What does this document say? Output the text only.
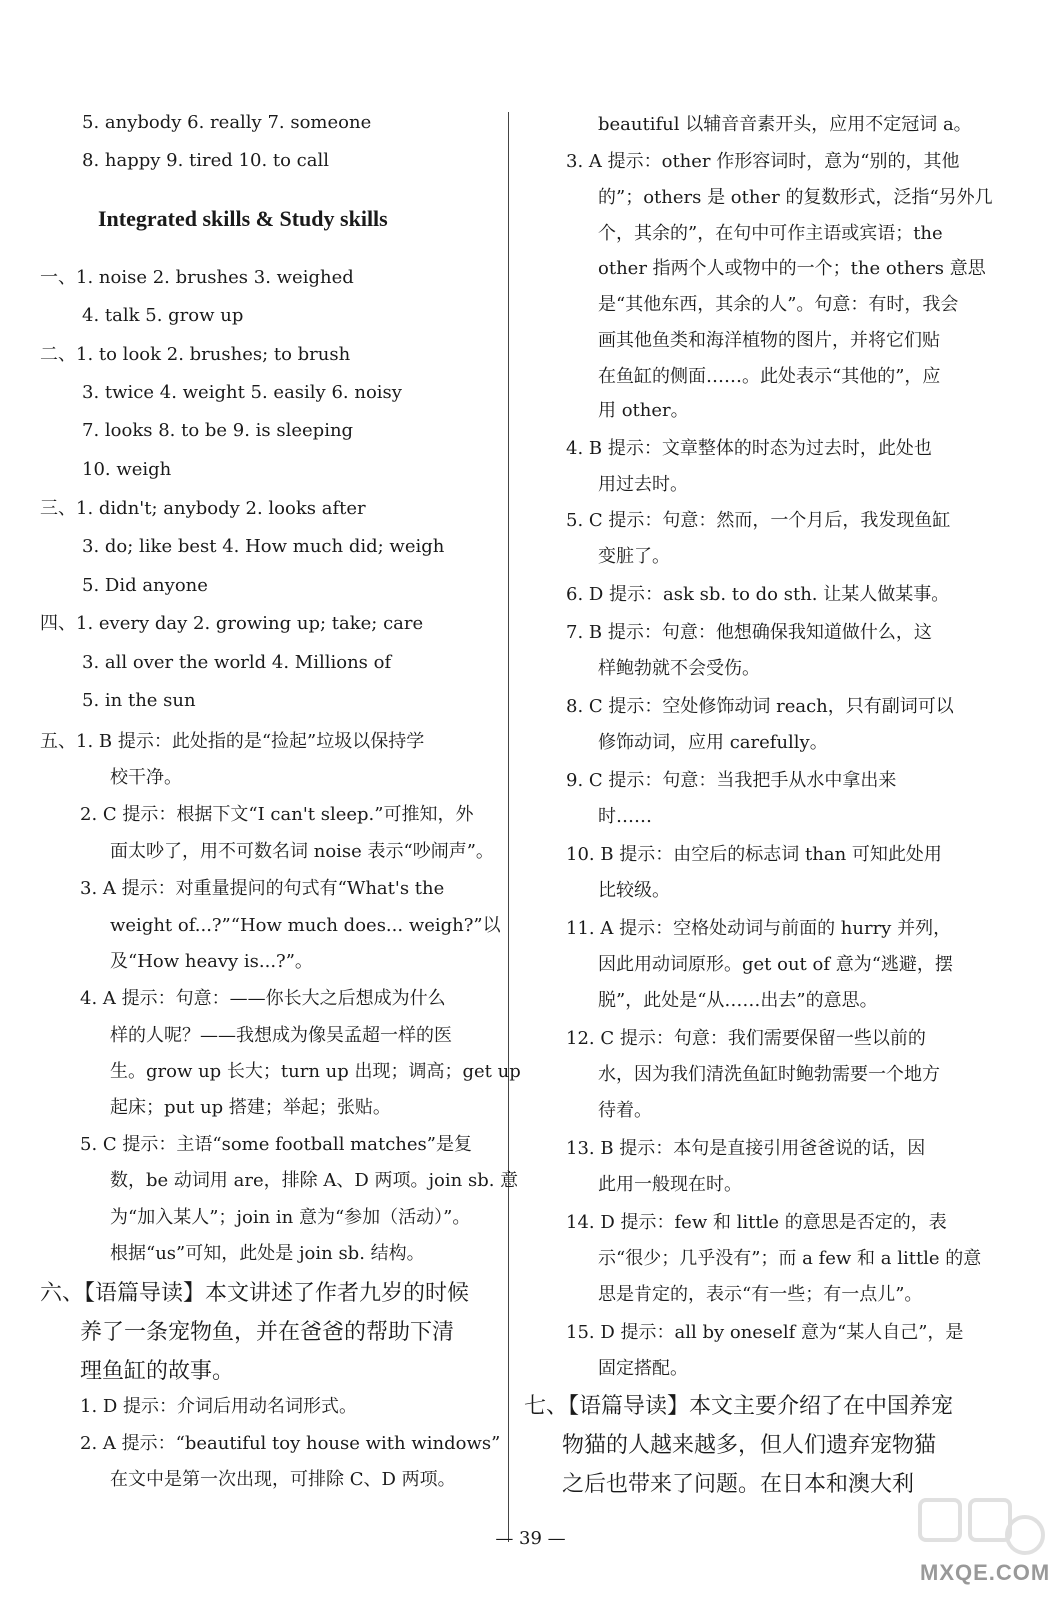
5. anybody 6. really 7. someone
8. happy 9. tired 10. to call
Integrated skills & Study skills
一、1. noise 2. brushes 3. weighed
4. talk 5. grow up
二、1. to look 2. brushes; to brush
3. twice 4. weight 5. easily 6. noisy
7. looks 8. to be 9. is sleeping
10. weigh
三、1. didn't; anybody 2. looks after
3. do; like best 4. How much did; weigh
5. Did anyone
四、1. every day 2. growing up; take; care
3. all over the world 4. Millions of
5. in the sun
五、1. B 提示：此处指的是“捡起”垃圾以保持学
校干净。
2. C 提示：根据下文“I can't sleep.”可推知，外
面太吵了，用不可数名词 noise 表示“吵闹声”。
3. A 提示：对重量提问的句式有“What's the
weight of...?”“How much does... weigh?”以
及“How heavy is...?”。
4. A 提示：句意：——你长大之后想成为什么
样的人呢？——我想成为像吴孟超一样的医
生。grow up 长大；turn up 出现；调高；get up
起床；put up 搭建；举起；张贴。
5. C 提示：主语“some football matches”是复
数，be 动词用 are，排除 A、D 两项。join sb. 意
为“加入某人”；join in 意为“参加（活动）”。
根据“us”可知，此处是 join sb. 结构。
六、【语篇导读】本文讲述了作者九岁的时候
养了一条宠物鱼，并在爸爸的帮助下清
理鱼缸的故事。
1. D 提示：介词后用动名词形式。
2. A 提示：“beautiful toy house with windows”
在文中是第一次出现，可排除 C、D 两项。
beautiful 以辅音音素开头，应用不定冠词 a。
3. A 提示：other 作形容词时，意为“别的，其他
的”；others 是 other 的复数形式，泛指“另外几
个，其余的”，在句中可作主语或宾语；the
other 指两个人或物中的一个；the others 意思
是“其他东西，其余的人”。句意：有时，我会
画其他鱼类和海洋植物的图片，并将它们贴
在鱼缸的侧面……。此处表示“其他的”，应
用 other。
4. B 提示：文章整体的时态为过去时，此处也
用过去时。
5. C 提示：句意：然而，一个月后，我发现鱼缸
变脏了。
6. D 提示：ask sb. to do sth. 让某人做某事。
7. B 提示：句意：他想确保我知道做什么，这
样鲍勃就不会受伤。
8. C 提示：空处修饰动词 reach，只有副词可以
修饰动词，应用 carefully。
9. C 提示：句意：当我把手从水中拿出来
时……
10. B 提示：由空后的标志词 than 可知此处用
比较级。
11. A 提示：空格处动词与前面的 hurry 并列，
因此用动词原形。get out of 意为“逃避，摆
脱”，此处是“从……出去”的意思。
12. C 提示：句意：我们需要保留一些以前的
水，因为我们清洗鱼缸时鲍勃需要一个地方
待着。
13. B 提示：本句是直接引用爸爸说的话，因
此用一般现在时。
14. D 提示：few 和 little 的意思是否定的，表
示“很少；几乎没有”；而 a few 和 a little 的意
思是肯定的，表示“有一些；有一点儿”。
15. D 提示：all by oneself 意为“某人自己”，是
固定搭配。
七、【语篇导读】本文主要介绍了在中国养宠
物猫的人越来越多，但人们遗弃宠物猫
之后也带来了问题。在日本和澳大利
— 39 —
MXQE.COM
